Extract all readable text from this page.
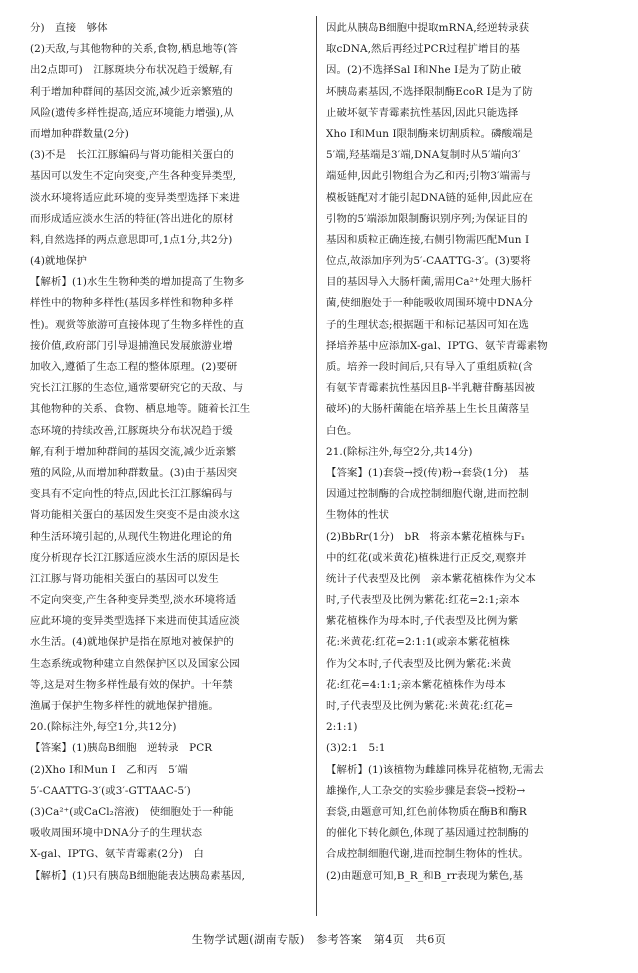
分)　直接　够体
(2)天敌,与其他物种的关系,食物,栖息地等(答
出2点即可)　江豚斑块分布状况趋于缓解,有
利于增加种群间的基因交流,减少近亲繁殖的
风险(遗传多样性提高,适应环境能力增强),从
而增加种群数量(2分)
(3)不是　长江江豚编码与肾功能相关蛋白的
基因可以发生不定向突变,产生各种变异类型,
淡水环境将适应此环境的变异类型选择下来进
而形成适应淡水生活的特征(答出进化的原材
料,自然选择的两点意思即可,1点1分,共2分)
(4)就地保护
【解析】(1)水生生物种类的增加提高了生物多
样性中的物种多样性(基因多样性和物种多样
性)。观赏等旅游可直接体现了生物多样性的直
接价值,政府部门引导退捕渔民发展旅游业增
加收入,遵循了生态工程的整体原理。(2)要研
究长江江豚的生态位,通常要研究它的天敌、与
其他物种的关系、食物、栖息地等。随着长江生
态环境的持续改善,江豚斑块分布状况趋于缓
解,有利于增加种群间的基因交流,减少近亲繁
殖的风险,从而增加种群数量。(3)由于基因突
变具有不定向性的特点,因此长江江豚编码与
肾功能相关蛋白的基因发生突变不是由淡水这
种生活环境引起的,从现代生物进化理论的角
度分析现存长江江豚适应淡水生活的原因是长
江江豚与肾功能相关蛋白的基因可以发生
不定向突变,产生各种变异类型,淡水环境将适
应此环境的变异类型选择下来进而使其适应淡
水生活。(4)就地保护是指在原地对被保护的
生态系统或物种建立自然保护区以及国家公园
等,这是对生物多样性最有效的保护。十年禁
渔属于保护生物多样性的就地保护措施。
20.(除标注外,每空1分,共12分)
【答案】(1)胰岛B细胞　逆转录　PCR
(2)Xho Ⅰ和Mun Ⅰ　乙和丙　5′端
5′-CAATTG-3′(或3′-GTTAAC-5′)
(3)Ca²⁺(或CaCl₂溶液)　使细胞处于一种能
吸收周围环境中DNA分子的生理状态
X-gal、IPTG、氨苄青霉素(2分)　白
【解析】(1)只有胰岛B细胞能表达胰岛素基因,
因此从胰岛B细胞中提取mRNA,经逆转录获
取cDNA,然后再经过PCR过程扩增目的基
因。(2)不选择Sal Ⅰ和Nhe Ⅰ是为了防止破
坏胰岛素基因,不选择限制酶EcoR Ⅰ是为了防
止破坏氨苄青霉素抗性基因,因此只能选择
Xho Ⅰ和Mun Ⅰ限制酶来切割质粒。磷酸端是
5′端,羟基端是3′端,DNA复制时从5′端向3′
端延伸,因此引物组合为乙和丙;引物3′端需与
模板链配对才能引起DNA链的延伸,因此应在
引物的5′端添加限制酶识别序列;为保证目的
基因和质粒正确连接,右侧引物需匹配Mun Ⅰ
位点,故添加序列为5′-CAATTG-3′。(3)要将
目的基因导入大肠杆菌,需用Ca²⁺处理大肠杆
菌,使细胞处于一种能吸收周围环境中DNA分
子的生理状态;根据题干和标记基因可知在选
择培养基中应添加X-gal、IPTG、氨苄青霉素物
质。培养一段时间后,只有导入了重组质粒(含
有氨苄青霉素抗性基因且β-半乳糖苷酶基因被
破坏)的大肠杆菌能在培养基上生长且菌落呈
白色。
21.(除标注外,每空2分,共14分)
【答案】(1)套袋→授(传)粉→套袋(1分)　基
因通过控制酶的合成控制细胞代谢,进而控制
生物体的性状
(2)BbRr(1分)　bR　将亲本紫花植株与F₁
中的红花(或米黄花)植株进行正反交,观察并
统计子代表型及比例　亲本紫花植株作为父本
时,子代表型及比例为紫花:红花=2:1;亲本
紫花植株作为母本时,子代表型及比例为紫
花:米黄花:红花=2:1:1(或亲本紫花植株
作为父本时,子代表型及比例为紫花:米黄
花:红花=4:1:1;亲本紫花植株作为母本
时,子代表型及比例为紫花:米黄花:红花=
2:1:1)
(3)2:1　5:1
【解析】(1)该植物为雌雄同株异花植物,无需去
雄操作,人工杂交的实验步骤是套袋→授粉→
套袋,由题意可知,红色前体物质在酶B和酶R
的催化下转化颜色,体现了基因通过控制酶的
合成控制细胞代谢,进而控制生物体的性状。
(2)由题意可知,B_R_和B_rr表现为紫色,基
生物学试题(湖南专版)　参考答案　第4页　共6页
